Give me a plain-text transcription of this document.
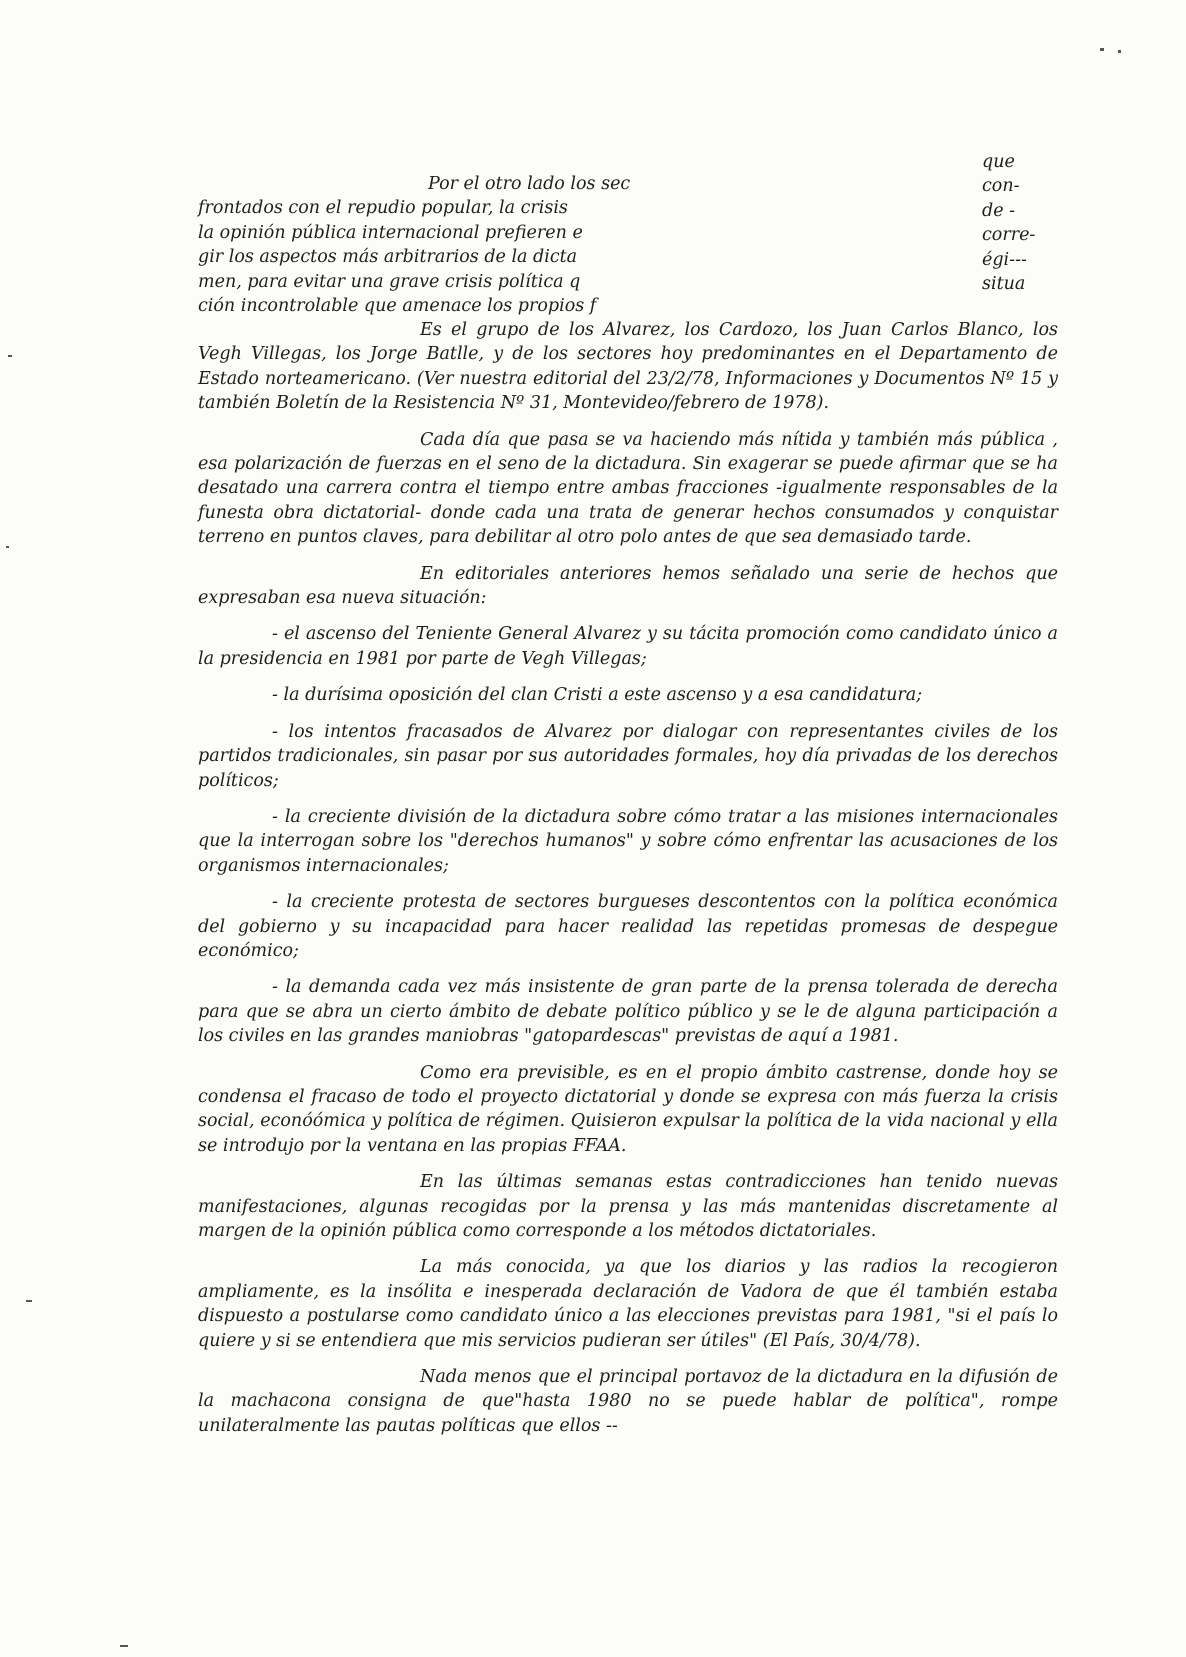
Por el otro lado los sec
frontados con el repudio popular, la crisis
la opinión pública internacional prefieren e
gir los aspectos más arbitrarios de la dicta
men, para evitar una grave crisis política q
ción incontrolable que amenace los propios f
que
con-
de -
corre-
égi---
situa

Es el grupo de los Alvarez, los Cardozo, los Juan Carlos Blanco, los Vegh Villegas, los Jorge Batlle, y de los sectores hoy predominantes en el Departamento de Estado norteamericano. (Ver nuestra editorial del 23/2/78, Informaciones y Documentos Nº 15 y también Boletín de la Resistencia Nº 31, Montevideo/febrero de 1978).

Cada día que pasa se va haciendo más nítida y también más pública , esa polarización de fuerzas en el seno de la dictadura. Sin exagerar se puede afirmar que se ha desatado una carrera contra el tiempo entre ambas fracciones -igualmente responsables de la funesta obra dictatorial- donde cada una trata de generar hechos consumados y conquistar terreno en puntos claves, para debilitar al otro polo antes de que sea demasiado tarde.

En editoriales anteriores hemos señalado una serie de hechos que expresaban esa nueva situación:

- el ascenso del Teniente General Alvarez y su tácita promoción como candidato único a la presidencia en 1981 por parte de Vegh Villegas;

- la durísima oposición del clan Cristi a este ascenso y a esa candidatura;

- los intentos fracasados de Alvarez por dialogar con representantes civiles de los partidos tradicionales, sin pasar por sus autoridades formales, hoy día privadas de los derechos políticos;

- la creciente división de la dictadura sobre cómo tratar a las misiones internacionales que la interrogan sobre los "derechos humanos" y sobre cómo enfrentar las acusaciones de los organismos internacionales;

- la creciente protesta de sectores burgueses descontentos con la política económica del gobierno y su incapacidad para hacer realidad las repetidas promesas de despegue económico;

- la demanda cada vez más insistente de gran parte de la prensa tolerada de derecha para que se abra un cierto ámbito de debate político público y se le de alguna participación a los civiles en las grandes maniobras "gatopardescas" previstas de aquí a 1981.

Como era previsible, es en el propio ámbito castrense, donde hoy se condensa el fracaso de todo el proyecto dictatorial y donde se expresa con más fuerza la crisis social, econóómica y política de régimen. Quisieron expulsar la política de la vida nacional y ella se introdujo por la ventana en las propias FFAA.

En las últimas semanas estas contradicciones han tenido nuevas manifestaciones, algunas recogidas por la prensa y las más mantenidas discretamente al margen de la opinión pública como corresponde a los métodos dictatoriales.

La más conocida, ya que los diarios y las radios la recogieron ampliamente, es la insólita e inesperada declaración de Vadora de que él también estaba dispuesto a postularse como candidato único a las elecciones previstas para 1981, "si el país lo quiere y si se entendiera que mis servicios pudieran ser útiles" (El País, 30/4/78).

Nada menos que el principal portavoz de la dictadura en la difusión de la machacona consigna de que"hasta 1980 no se puede hablar de política", rompe unilateralmente las pautas políticas que ellos --
